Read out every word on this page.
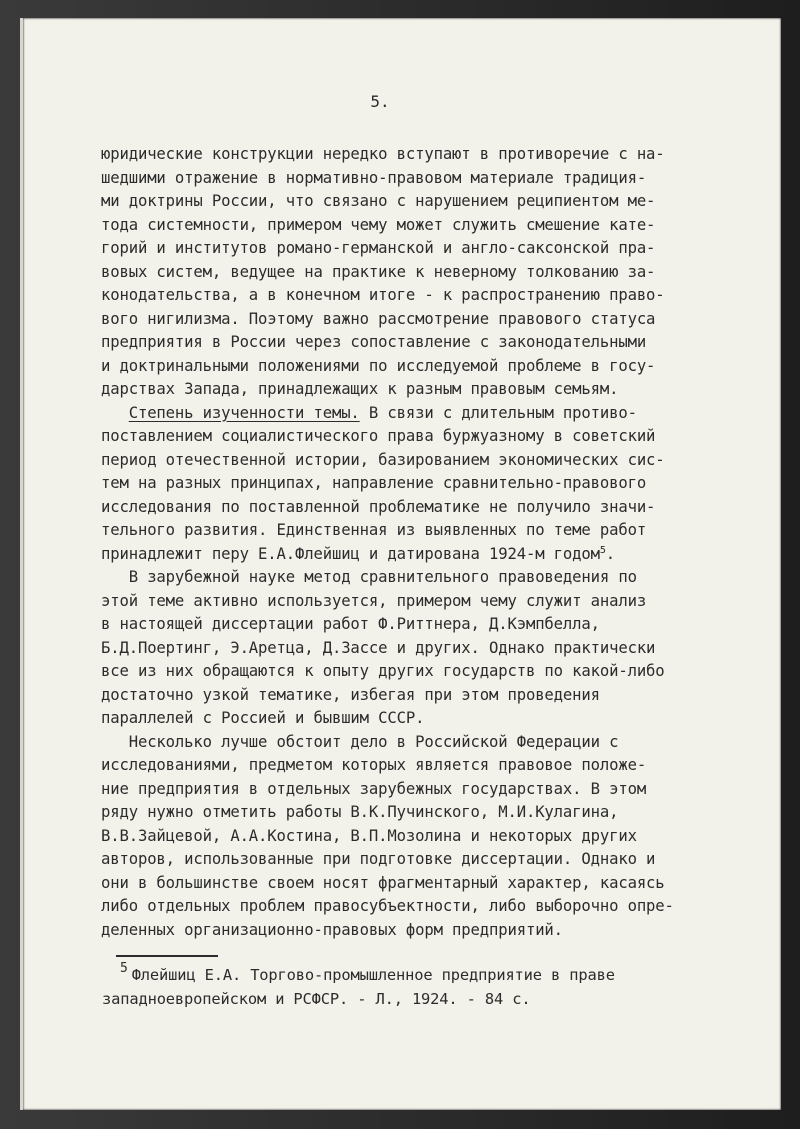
5.
юридические конструкции нередко вступают в противоречие с на-
шедшими отражение в нормативно-правовом материале традиция-
ми доктрины России, что связано с нарушением реципиентом ме-
тода системности, примером чему может служить смешение кате-
горий и институтов романо-германской и англо-саксонской пра-
вовых систем, ведущее на практике к неверному толкованию за-
конодательства, а в конечном итоге - к распространению право-
вого нигилизма. Поэтому важно рассмотрение правового статуса
предприятия в России через сопоставление с законодательными
и доктринальными положениями по исследуемой проблеме в госу-
дарствах Запада, принадлежащих к разным правовым семьям.
Степень изученности темы. В связи с длительным противо-
поставлением социалистического права буржуазному в советский
период отечественной истории, базированием экономических сис-
тем на разных принципах, направление сравнительно-правового
исследования по поставленной проблематике не получило значи-
тельного развития. Единственная из выявленных по теме работ
принадлежит перу Е.А.Флейшиц и датирована 1924-м годом$^5$.
В зарубежной науке метод сравнительного правоведения по
этой теме активно используется, примером чему служит анализ
в настоящей диссертации работ Ф.Риттнера, Д.Кэмпбелла,
Б.Д.Поертинг, Э.Аретца, Д.Зассе и других. Однако практически
все из них обращаются к опыту других государств по какой-либо
достаточно узкой тематике, избегая при этом проведения
параллелей с Россией и бывшим СССР.
Несколько лучше обстоит дело в Российской Федерации с
исследованиями, предметом которых является правовое положе-
ние предприятия в отдельных зарубежных государствах. В этом
ряду нужно отметить работы В.К.Пучинского, М.И.Кулагина,
В.В.Зайцевой, А.А.Костина, В.П.Мозолина и некоторых других
авторов, использованные при подготовке диссертации. Однако и
они в большинстве своем носят фрагментарный характер, касаясь
либо отдельных проблем правосубъектности, либо выборочно опре-
деленных организационно-правовых форм предприятий.
$^5$ Флейшиц Е.А. Торгово-промышленное предприятие в праве
западноевропейском и РСФСР. - Л., 1924. - 84 с.
